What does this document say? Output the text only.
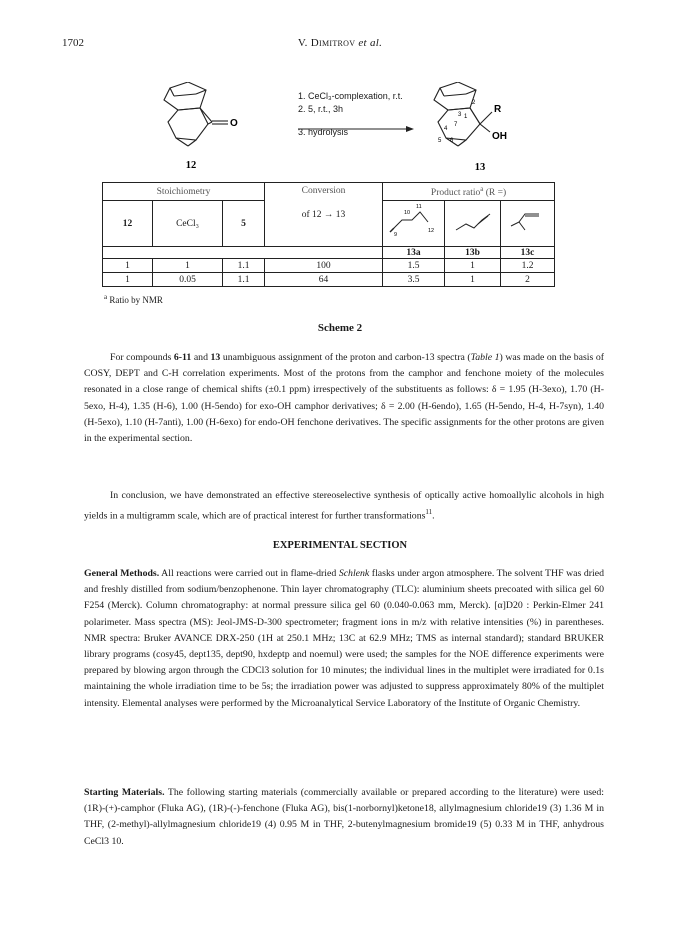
1702	V. Dimitrov et al.
O
12
R
OH
1
2
3
4
5 6
7
13
1. CeCl₃-complexation, r.t.
2. 5, r.t., 3h
3. hydrolysis
Stoichiometry			Conversion
of 12 → 13	Product ratio$^a$ (R =)		
12	CeCl₃	5		10
11
9
12

				13a	13b	13c
1	1	1.1	100	1.5	1	1.2
1	0.05	1.1	64	3.5	1	2
$^a$ Ratio by NMR
Scheme 2
For compounds 6-11 and 13 unambiguous assignment of the proton and carbon-13 spectra (Table 1) was made on the basis of COSY, DEPT and C-H correlation experiments. Most of the protons from the camphor and fenchone moiety of the molecules resonated in a close range of chemical shifts (±0.1 ppm) irrespectively of the substituents as follows: δ = 1.95 (H-3exo), 1.70 (H-5exo, H-4), 1.35 (H-6), 1.00 (H-5endo) for exo-OH camphor derivatives; δ = 2.00 (H-6endo), 1.65 (H-5endo, H-4, H-7syn), 1.40 (H-5exo), 1.10 (H-7anti), 1.00 (H-6exo) for endo-OH fenchone derivatives. The specific assignments for the other protons are given in the experimental section.
In conclusion, we have demonstrated an effective stereoselective synthesis of optically active homoallylic alcohols in high yields in a multigramm scale, which are of practical interest for further transformations$^{11}$.
EXPERIMENTAL SECTION
General Methods. All reactions were carried out in flame-dried Schlenk flasks under argon atmosphere. The solvent THF was dried and freshly distilled from sodium/benzophenone. Thin layer chromatography (TLC): aluminium sheets precoated with silica gel 60 F254 (Merck). Column chromatography: at normal pressure silica gel 60 (0.040-0.063 mm, Merck). [α]D20 : Perkin-Elmer 241 polarimeter. Mass spectra (MS): Jeol-JMS-D-300 spectrometer; fragment ions in m/z with relative intensities (%) in parentheses. NMR spectra: Bruker AVANCE DRX-250 (1H at 250.1 MHz; 13C at 62.9 MHz; TMS as internal standard); standard BRUKER library programs (cosy45, dept135, dept90, hxdeptp and noemul) were used; the samples for the NOE difference experiments were prepared by blowing argon through the CDCl3 solution for 10 minutes; the individual lines in the multiplet were irradiated for 0.1s maintaining the whole irradiation time to be 5s; the irradiation power was adjusted to suppress approximately 80% of the multiplet intensity. Elemental analyses were performed by the Microanalytical Service Laboratory of the Institute of Organic Chemistry.
Starting Materials. The following starting materials (commercially available or prepared according to the literature) were used: (1R)-(+)-camphor (Fluka AG), (1R)-(-)-fenchone (Fluka AG), bis(1-norbornyl)ketone18, allylmagnesium chloride19 (3) 1.36 M in THF, (2-methyl)-allylmagnesium chloride19 (4) 0.95 M in THF, 2-butenylmagnesium bromide19 (5) 0.33 M in THF, anhydrous CeCl3 10.
